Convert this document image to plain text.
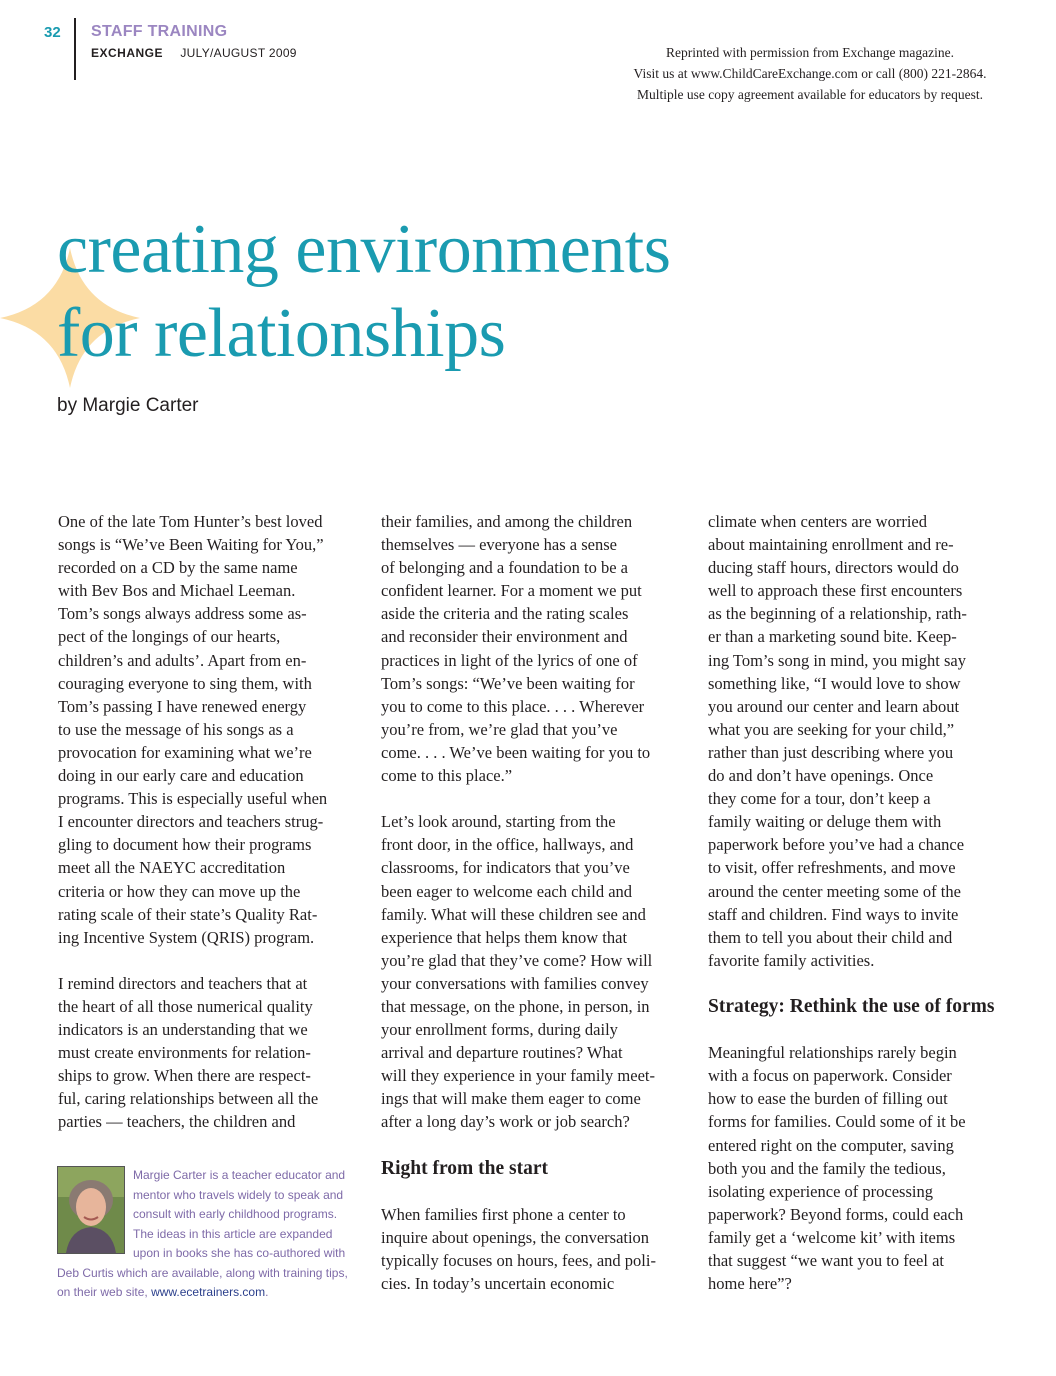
32 STAFF TRAINING
EXCHANGE JULY/AUGUST 2009	Reprinted with permission from Exchange magazine.
Visit us at www.ChildCareExchange.com or call (800) 221-2864.
Multiple use copy agreement available for educators by request.
creating environments
for relationships
by Margie Carter
One of the late Tom Hunter’s best loved
songs is “We’ve Been Waiting for You,”
recorded on a CD by the same name
with Bev Bos and Michael Leeman.
Tom’s songs always address some as-
pect of the longings of our hearts,
children’s and adults’. Apart from en-
couraging everyone to sing them, with
Tom’s passing I have renewed energy
to use the message of his songs as a
provocation for examining what we’re
doing in our early care and education
programs. This is especially useful when
I encounter directors and teachers strug-
gling to document how their programs
meet all the NAEYC accreditation
criteria or how they can move up the
rating scale of their state’s Quality Rat-
ing Incentive System (QRIS) program.
I remind directors and teachers that at
the heart of all those numerical quality
indicators is an understanding that we
must create environments for relation-
ships to grow. When there are respect-
ful, caring relationships between all the
parties — teachers, the children and
their families, and among the children
themselves — everyone has a sense
of belonging and a foundation to be a
confident learner. For a moment we put
aside the criteria and the rating scales
and reconsider their environment and
practices in light of the lyrics of one of
Tom’s songs: “We’ve been waiting for
you to come to this place. . . . Wherever
you’re from, we’re glad that you’ve
come. . . . We’ve been waiting for you to
come to this place.”
Let’s look around, starting from the
front door, in the office, hallways, and
classrooms, for indicators that you’ve
been eager to welcome each child and
family. What will these children see and
experience that helps them know that
you’re glad that they’ve come? How will
your conversations with families convey
that message, on the phone, in person, in
your enrollment forms, during daily
arrival and departure routines? What
will they experience in your family meet-
ings that will make them eager to come
after a long day’s work or job search?
Right from the start
When families first phone a center to
inquire about openings, the conversation
typically focuses on hours, fees, and poli-
cies. In today’s uncertain economic
climate when centers are worried
about maintaining enrollment and re-
ducing staff hours, directors would do
well to approach these first encounters
as the beginning of a relationship, rath-
er than a marketing sound bite. Keep-
ing Tom’s song in mind, you might say
something like, “I would love to show
you around our center and learn about
what you are seeking for your child,”
rather than just describing where you
do and don’t have openings. Once
they come for a tour, don’t keep a
family waiting or deluge them with
paperwork before you’ve had a chance
to visit, offer refreshments, and move
around the center meeting some of the
staff and children. Find ways to invite
them to tell you about their child and
favorite family activities.
Strategy: Rethink the use of forms
Meaningful relationships rarely begin
with a focus on paperwork. Consider
how to ease the burden of filling out
forms for families. Could some of it be
entered right on the computer, saving
both you and the family the tedious,
isolating experience of processing
paperwork? Beyond forms, could each
family get a ‘welcome kit’ with items
that suggest “we want you to feel at
home here”?
Margie Carter is a teacher educator and
mentor who travels widely to speak and
consult with early childhood programs.
The ideas in this article are expanded
upon in books she has co-authored with
Deb Curtis which are available, along with training tips,
on their web site, www.ecetrainers.com.
